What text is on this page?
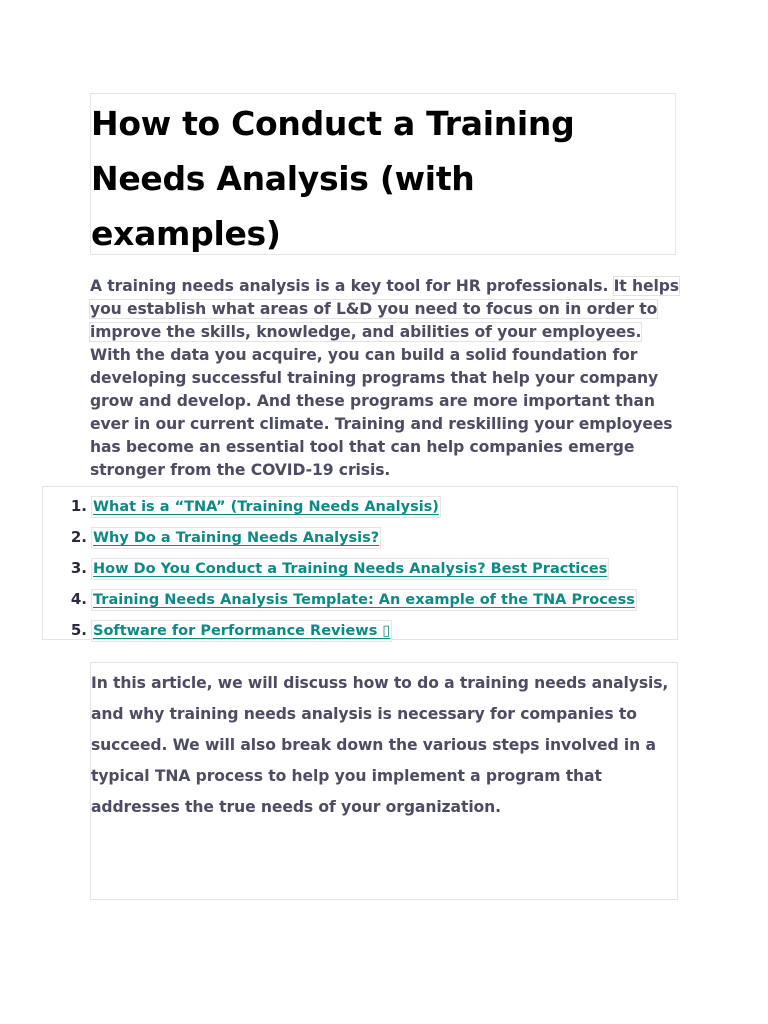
How to Conduct a Training Needs Analysis (with examples)

A training needs analysis is a key tool for HR professionals. It helps you establish what areas of L&D you need to focus on in order to improve the skills, knowledge, and abilities of your employees. With the data you acquire, you can build a solid foundation for developing successful training programs that help your company grow and develop. And these programs are more important than ever in our current climate. Training and reskilling your employees has become an essential tool that can help companies emerge stronger from the COVID-19 crisis.

1. What is a “TNA” (Training Needs Analysis)
2. Why Do a Training Needs Analysis?
3. How Do You Conduct a Training Needs Analysis? Best Practices
4. Training Needs Analysis Template: An example of the TNA Process
5. Software for Performance Reviews ▯

In this article, we will discuss how to do a training needs analysis, and why training needs analysis is necessary for companies to succeed. We will also break down the various steps involved in a typical TNA process to help you implement a program that addresses the true needs of your organization.
